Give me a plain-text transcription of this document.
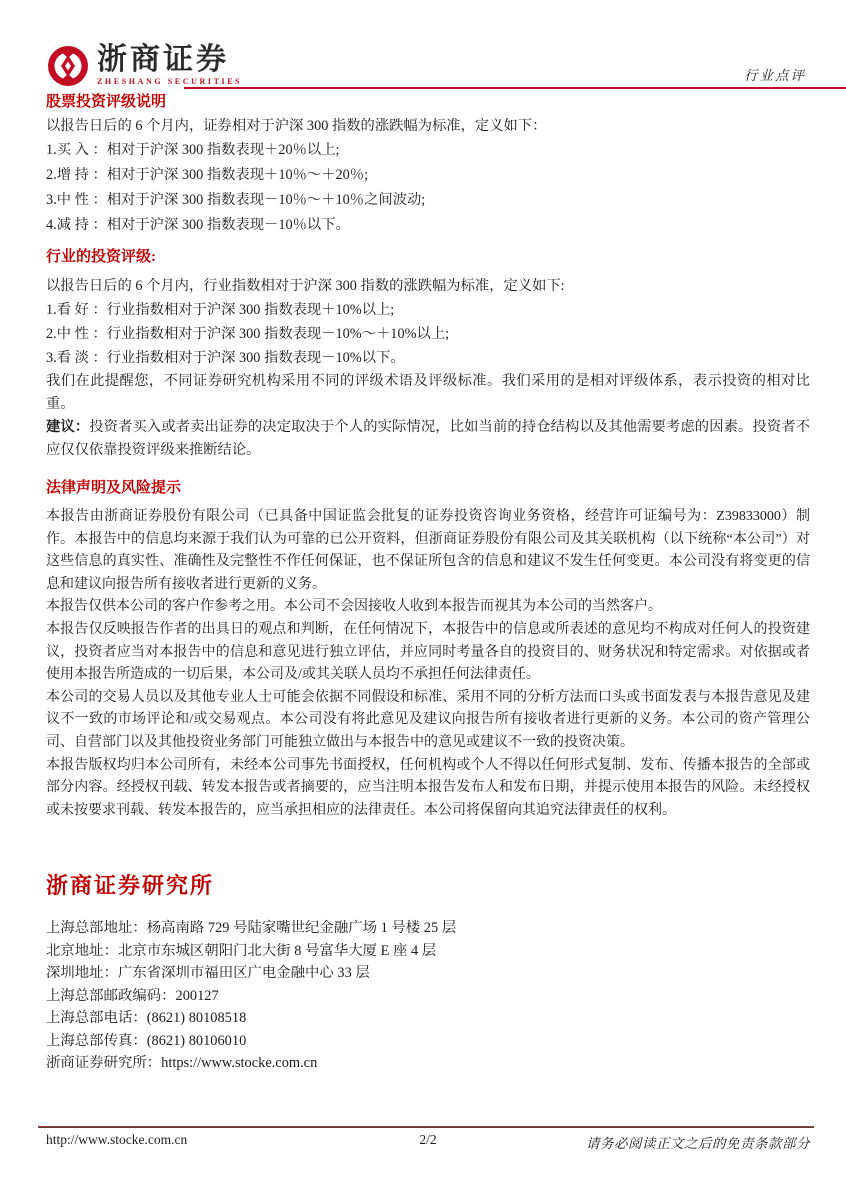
浙商证券
ZHESHANG SECURITIES	行业点评
股票投资评级说明
以报告日后的 6 个月内，证券相对于沪深 300 指数的涨跌幅为标准，定义如下：
1.买 入 ：相对于沪深 300 指数表现＋20％以上;
2.增 持 ：相对于沪深 300 指数表现＋10％～＋20％;
3.中 性 ：相对于沪深 300 指数表现－10％～＋10％之间波动;
4.减 持 ：相对于沪深 300 指数表现－10％以下。
行业的投资评级:
以报告日后的 6 个月内，行业指数相对于沪深 300 指数的涨跌幅为标准，定义如下:
1.看 好 ：行业指数相对于沪深 300 指数表现＋10%以上;
2.中 性 ：行业指数相对于沪深 300 指数表现－10%～＋10%以上;
3.看 淡 ：行业指数相对于沪深 300 指数表现－10%以下。

我们在此提醒您，不同证券研究机构采用不同的评级术语及评级标准。我们采用的是相对评级体系，表示投资的相对比重。

建议：投资者买入或者卖出证券的决定取决于个人的实际情况，比如当前的持仓结构以及其他需要考虑的因素。投资者不应仅仅依靠投资评级来推断结论。

法律声明及风险提示

本报告由浙商证券股份有限公司（已具备中国证监会批复的证券投资咨询业务资格，经营许可证编号为：Z39833000）制作。本报告中的信息均来源于我们认为可靠的已公开资料，但浙商证券股份有限公司及其关联机构（以下统称“本公司”）对这些信息的真实性、准确性及完整性不作任何保证，也不保证所包含的信息和建议不发生任何变更。本公司没有将变更的信息和建议向报告所有接收者进行更新的义务。

本报告仅供本公司的客户作参考之用。本公司不会因接收人收到本报告而视其为本公司的当然客户。

本报告仅反映报告作者的出具日的观点和判断，在任何情况下，本报告中的信息或所表述的意见均不构成对任何人的投资建议，投资者应当对本报告中的信息和意见进行独立评估，并应同时考量各自的投资目的、财务状况和特定需求。对依据或者使用本报告所造成的一切后果，本公司及/或其关联人员均不承担任何法律责任。

本公司的交易人员以及其他专业人士可能会依据不同假设和标准、采用不同的分析方法而口头或书面发表与本报告意见及建议不一致的市场评论和/或交易观点。本公司没有将此意见及建议向报告所有接收者进行更新的义务。本公司的资产管理公司、自营部门以及其他投资业务部门可能独立做出与本报告中的意见或建议不一致的投资决策。

本报告版权均归本公司所有，未经本公司事先书面授权，任何机构或个人不得以任何形式复制、发布、传播本报告的全部或部分内容。经授权刊载、转发本报告或者摘要的，应当注明本报告发布人和发布日期，并提示使用本报告的风险。未经授权或未按要求刊载、转发本报告的，应当承担相应的法律责任。本公司将保留向其追究法律责任的权利。

浙商证券研究所
上海总部地址：杨高南路 729 号陆家嘴世纪金融广场 1 号楼 25 层
北京地址：北京市东城区朝阳门北大街 8 号富华大厦 E 座 4 层
深圳地址：广东省深圳市福田区广电金融中心 33 层
上海总部邮政编码：200127
上海总部电话：(8621) 80108518
上海总部传真：(8621) 80106010
浙商证券研究所：https://www.stocke.com.cn
http://www.stocke.com.cn	2/2	请务必阅读正文之后的免责条款部分
